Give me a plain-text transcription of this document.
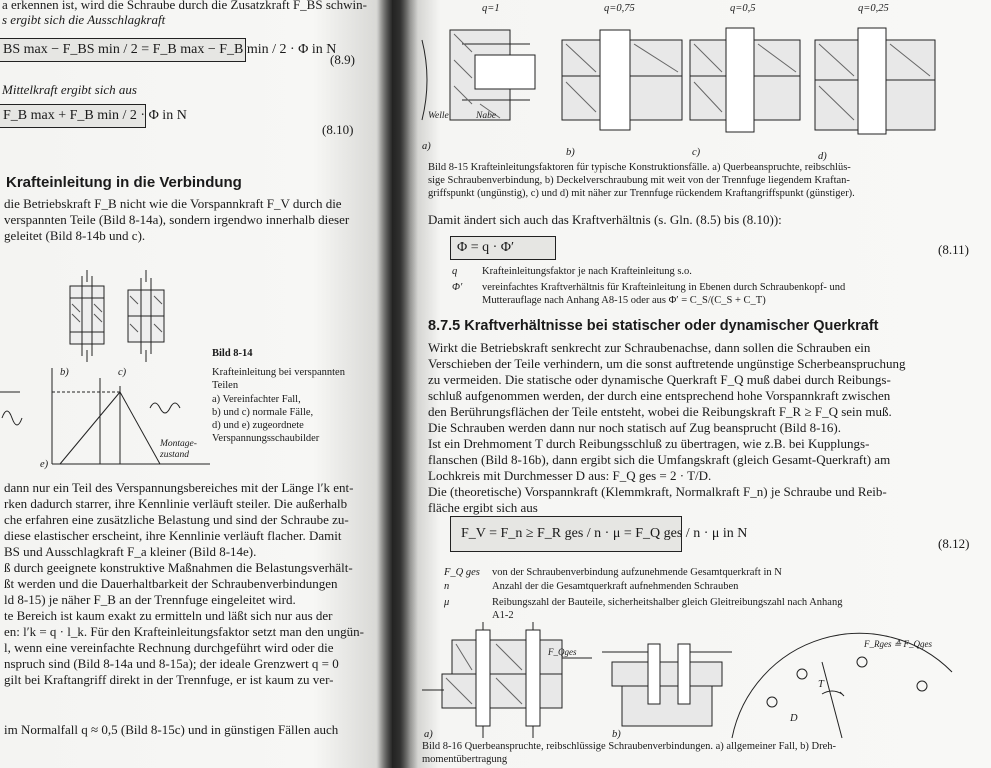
a erkennen ist, wird die Schraube durch die Zusatzkraft F_BS schwin-
s ergibt sich die Ausschlagkraft
BS max − F_BS min / 2 = F_B max − F_B min / 2 · Φ in N
(8.9)
Mittelkraft ergibt sich aus
F_B max + F_B min / 2 · Φ in N
(8.10)
Krafteinleitung in die Verbindung
die Betriebskraft F_B nicht wie die Vorspannkraft F_V durch die
verspannten Teile (Bild 8-14a), sondern irgendwo innerhalb dieser
geleitet (Bild 8-14b und c).
b)	c)
e)
Montage-
zustand
Bild 8-14
Krafteinleitung bei verspannten
Teilen
a) Vereinfachter Fall,
b) und c) normale Fälle,
d) und e) zugeordnete
Verspannungsschaubilder
dann nur ein Teil des Verspannungsbereiches mit der Länge l′k ent-
rken dadurch starrer, ihre Kennlinie verläuft steiler. Die außerhalb
che erfahren eine zusätzliche Belastung und sind der Schraube zu-
diese elastischer erscheint, ihre Kennlinie verläuft flacher. Damit
BS und Ausschlagkraft F_a kleiner (Bild 8-14e).
ß durch geeignete konstruktive Maßnahmen die Belastungsverhält-
ßt werden und die Dauerhaltbarkeit der Schraubenverbindungen
ld 8-15) je näher F_B an der Trennfuge eingeleitet wird.
te Bereich ist kaum exakt zu ermitteln und läßt sich nur aus der
en: l′k = q · l_k. Für den Krafteinleitungsfaktor setzt man den ungün-
l, wenn eine vereinfachte Rechnung durchgeführt wird oder die
nspruch sind (Bild 8-14a und 8-15a); der ideale Grenzwert q = 0
gilt bei Kraftangriff direkt in der Trennfuge, er ist kaum zu ver-
im Normalfall q ≈ 0,5 (Bild 8-15c) und in günstigen Fällen auch
q=1	q=0,75	q=0,5	q=0,25
Welle	Nabe
a)
b)	c)	d)
Bild 8-15 Krafteinleitungsfaktoren für typische Konstruktionsfälle. a) Querbeanspruchte, reibschlüs-
sige Schraubenverbindung, b) Deckelverschraubung mit weit von der Trennfuge liegendem Kraftan-
griffspunkt (ungünstig), c) und d) mit näher zur Trennfuge rückendem Kraftangriffspunkt (günstiger).
Damit ändert sich auch das Kraftverhältnis (s. Gln. (8.5) bis (8.10)):
Φ = q · Φ′	(8.11)
q Krafteinleitungsfaktor je nach Krafteinleitung s.o.
Φ′ vereinfachtes Kraftverhältnis für Krafteinleitung in Ebenen durch Schraubenkopf- und
Mutterauflage nach Anhang A8-15 oder aus Φ′ = C_S/(C_S + C_T)
8.7.5 Kraftverhältnisse bei statischer oder dynamischer Querkraft
Wirkt die Betriebskraft senkrecht zur Schraubenachse, dann sollen die Schrauben ein
Verschieben der Teile verhindern, um die sonst auftretende ungünstige Scherbeanspruchung
zu vermeiden. Die statische oder dynamische Querkraft F_Q muß dabei durch Reibungs-
schluß aufgenommen werden, der durch eine entsprechend hohe Vorspannkraft zwischen
den Berührungsflächen der Teile entsteht, wobei die Reibungskraft F_R ≥ F_Q sein muß.
Die Schrauben werden dann nur noch statisch auf Zug beansprucht (Bild 8-16).
Ist ein Drehmoment T durch Reibungsschluß zu übertragen, wie z.B. bei Kupplungs-
flanschen (Bild 8-16b), dann ergibt sich die Umfangskraft (gleich Gesamt-Querkraft) am
Lochkreis mit Durchmesser D aus: F_Q ges = 2 · T/D.
Die (theoretische) Vorspannkraft (Klemmkraft, Normalkraft F_n) je Schraube und Reib-
fläche ergibt sich aus
F_V = F_n ≥ F_R ges / n · μ = F_Q ges / n · μ in N
(8.12)
F_Q ges von der Schraubenverbindung aufzunehmende Gesamtquerkraft in N
n	Anzahl der die Gesamtquerkraft aufnehmenden Schrauben
μ	Reibungszahl der Bauteile, sicherheitshalber gleich Gleitreibungszahl nach Anhang
A1-2
a)	b)
T
D
F_Qges
F_Rges ≙ F_Qges
Bild 8-16 Querbeanspruchte, reibschlüssige Schraubenverbindungen. a) allgemeiner Fall, b) Dreh-
momentübertragung
